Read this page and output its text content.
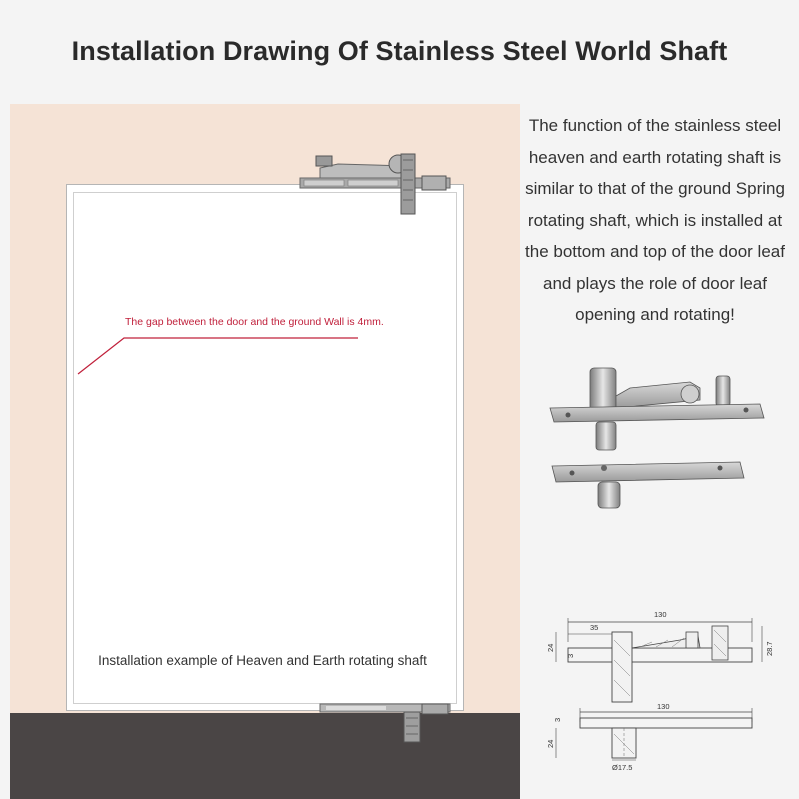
Installation Drawing Of Stainless Steel World Shaft
The gap between the door and the ground Wall is 4mm.
Installation example of Heaven and Earth rotating shaft
The function of the stainless steel heaven and earth rotating shaft is similar to that of the ground Spring rotating shaft, which is installed at the bottom and top of the door leaf and plays the role of door leaf opening and rotating!
130
35
24
3	28.7
130
3
24
Ø17.5
